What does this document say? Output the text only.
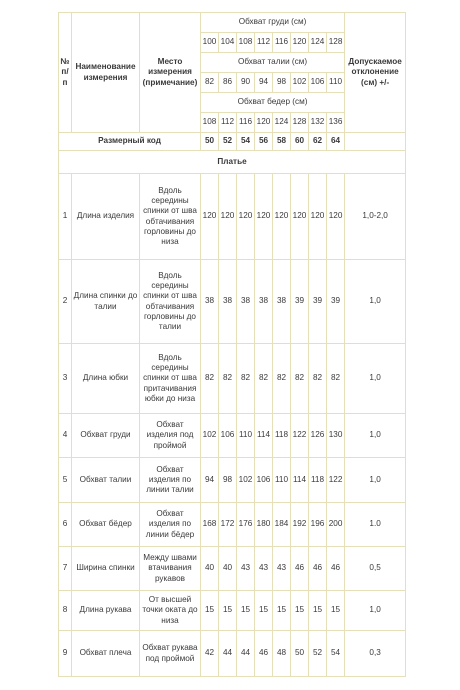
№ п/п	Наименование измерения	Место измерения (примечание)	Обхват груди (см)								Допускаемое отклонение (см) +/-
			100	104	108	112	116	120	124	128	
			Обхват талии (см)								
			82	86	90	94	98	102	106	110	
			Обхват бедер (см)								
			108	112	116	120	124	128	132	136	
Размерный код			50	52	54	56	58	60	62	64	
Платье											
1	Длина изделия	Вдоль середины спинки от шва обтачивания горловины до низа	120	120	120	120	120	120	120	120	1,0-2,0
2	Длина спинки до талии	Вдоль середины спинки от шва обтачивания горловины до талии	38	38	38	38	38	39	39	39	1,0
3	Длина юбки	Вдоль середины спинки от шва притачивания юбки до низа	82	82	82	82	82	82	82	82	1,0
4	Обхват груди	Обхват изделия под проймой	102	106	110	114	118	122	126	130	1,0
5	Обхват талии	Обхват изделия по линии талии	94	98	102	106	110	114	118	122	1,0
6	Обхват бёдер	Обхват изделия по линии бёдер	168	172	176	180	184	192	196	200	1.0
7	Ширина спинки	Между швами втачивания рукавов	40	40	43	43	43	46	46	46	0,5
8	Длина рукава	От высшей точки оката до низа	15	15	15	15	15	15	15	15	1,0
9	Обхват плеча	Обхват рукава под проймой	42	44	44	46	48	50	52	54	0,3
